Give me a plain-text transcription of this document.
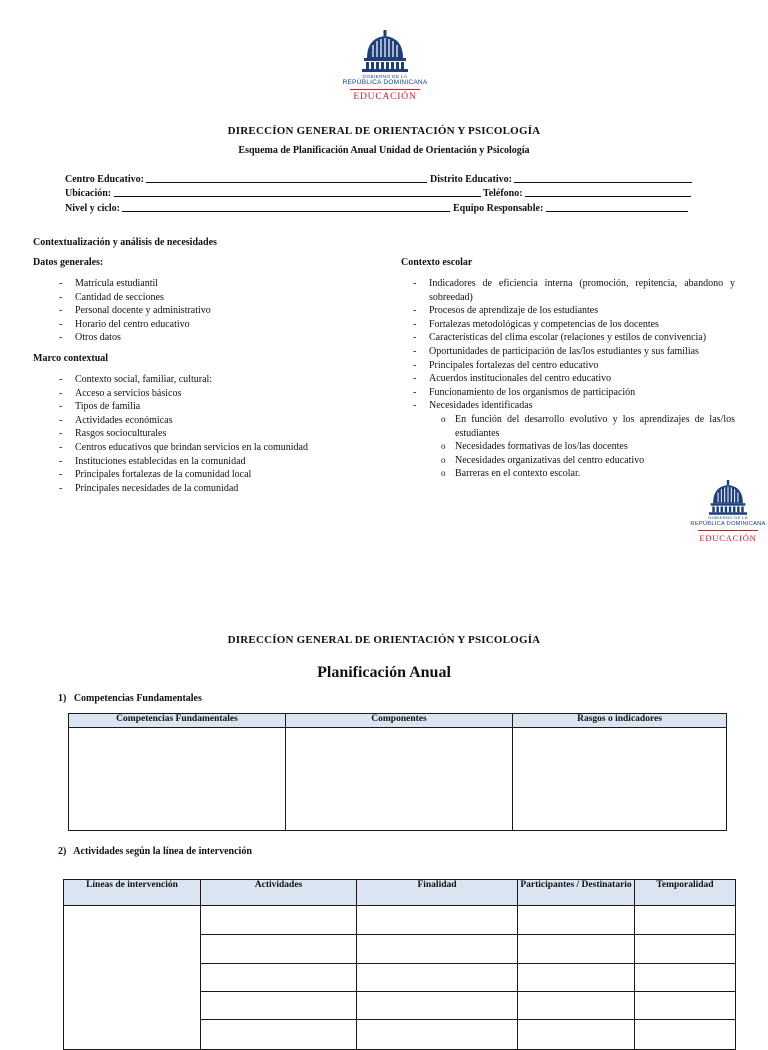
GOBIERNO DE LA
REPÚBLICA DOMINICANA
EDUCACIÓN
DIRECCÍON GENERAL DE ORIENTACIÓN Y PSICOLOGÍA
Esquema de Planificación Anual Unidad de Orientación y Psicología
Centro Educativo:	Distrito Educativo:
Ubicación:	Teléfono:
Nivel y ciclo:	Equipo Responsable:
Contextualización y análisis de necesidades
Datos generales:
- Matrícula estudiantil
- Cantidad de secciones
- Personal docente y administrativo
- Horario del centro educativo
- Otros datos
Marco contextual
- Contexto social, familiar, cultural:
- Acceso a servicios básicos
- Tipos de familia
- Actividades económicas
- Rasgos socioculturales
- Centros educativos que brindan servicios en la comunidad
- Instituciones establecidas en la comunidad
- Principales fortalezas de la comunidad local
- Principales necesidades de la comunidad
Contexto escolar
- Indicadores de eficiencia interna (promoción, repitencia, abandono y sobreedad)
- Procesos de aprendizaje de los estudiantes
- Fortalezas metodológicas y competencias de los docentes
- Características del clima escolar (relaciones y estilos de convivencia)
- Oportunidades de participación de las/los estudiantes y sus familias
- Principales fortalezas del centro educativo
- Acuerdos institucionales del centro educativo
- Funcionamiento de los organismos de participación
- Necesidades identificadas
o En función del desarrollo evolutivo y los aprendizajes de las/los estudiantes
o Necesidades formativas de los/las docentes
o Necesidades organizativas del centro educativo
o Barreras en el contexto escolar.
GOBIERNO DE LA
REPÚBLICA DOMINICANA
EDUCACIÓN
DIRECCÍON GENERAL DE ORIENTACIÓN Y PSICOLOGÍA
Planificación Anual
1)   Competencias Fundamentales
Competencias Fundamentales	Componentes	Rasgos o indicadores

2)   Actividades según la línea de intervención
Líneas de intervención	Actividades	Finalidad	Participantes / Destinatario	Temporalidad
